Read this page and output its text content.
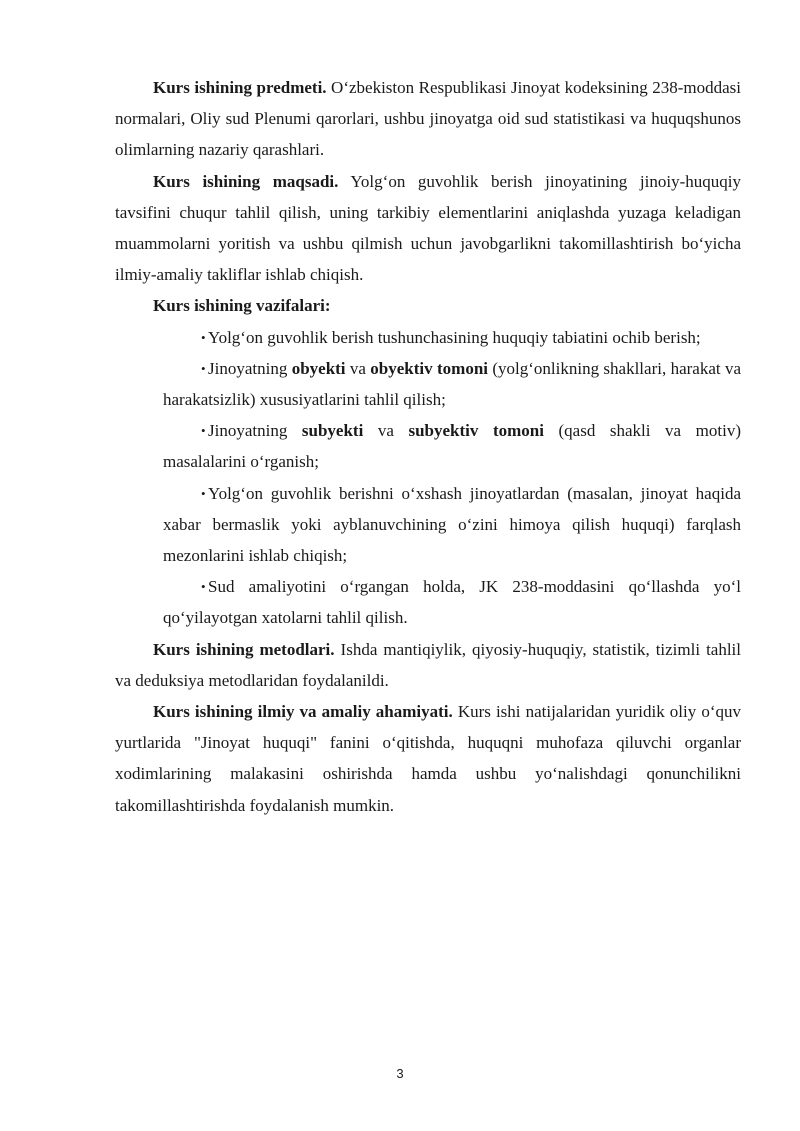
Kurs ishining predmeti. O‘zbekiston Respublikasi Jinoyat kodeksining 238-moddasi normalari, Oliy sud Plenumi qarorlari, ushbu jinoyatga oid sud statistikasi va huquqshunos olimlarning nazariy qarashlari.

Kurs ishining maqsadi. Yolg‘on guvohlik berish jinoyatining jinoiy-huquqiy tavsifini chuqur tahlil qilish, uning tarkibiy elementlarini aniqlashda yuzaga keladigan muammolarni yoritish va ushbu qilmish uchun javobgarlikni takomillashtirish bo‘yicha ilmiy-amaliy takliflar ishlab chiqish.

Kurs ishining vazifalari:

• Yolg‘on guvohlik berish tushunchasining huquqiy tabiatini ochib berish;
• Jinoyatning obyekti va obyektiv tomoni (yolg‘onlikning shakllari, harakat va harakatsizlik) xususiyatlarini tahlil qilish;
• Jinoyatning subyekti va subyektiv tomoni (qasd shakli va motiv) masalalarini o‘rganish;
• Yolg‘on guvohlik berishni o‘xshash jinoyatlardan (masalan, jinoyat haqida xabar bermaslik yoki ayblanuvchining o‘zini himoya qilish huquqi) farqlash mezonlarini ishlab chiqish;
• Sud amaliyotini o‘rgangan holda, JK 238-moddasini qo‘llashda yo‘l qo‘yilayotgan xatolarni tahlil qilish.

Kurs ishining metodlari. Ishda mantiqiylik, qiyosiy-huquqiy, statistik, tizimli tahlil va deduksiya metodlaridan foydalanildi.

Kurs ishining ilmiy va amaliy ahamiyati. Kurs ishi natijalaridan yuridik oliy o‘quv yurtlarida "Jinoyat huquqi" fanini o‘qitishda, huquqni muhofaza qiluvchi organlar xodimlarining malakasini oshirishda hamda ushbu yo‘nalishdagi qonunchilikni takomillashtirishda foydalanish mumkin.

3
